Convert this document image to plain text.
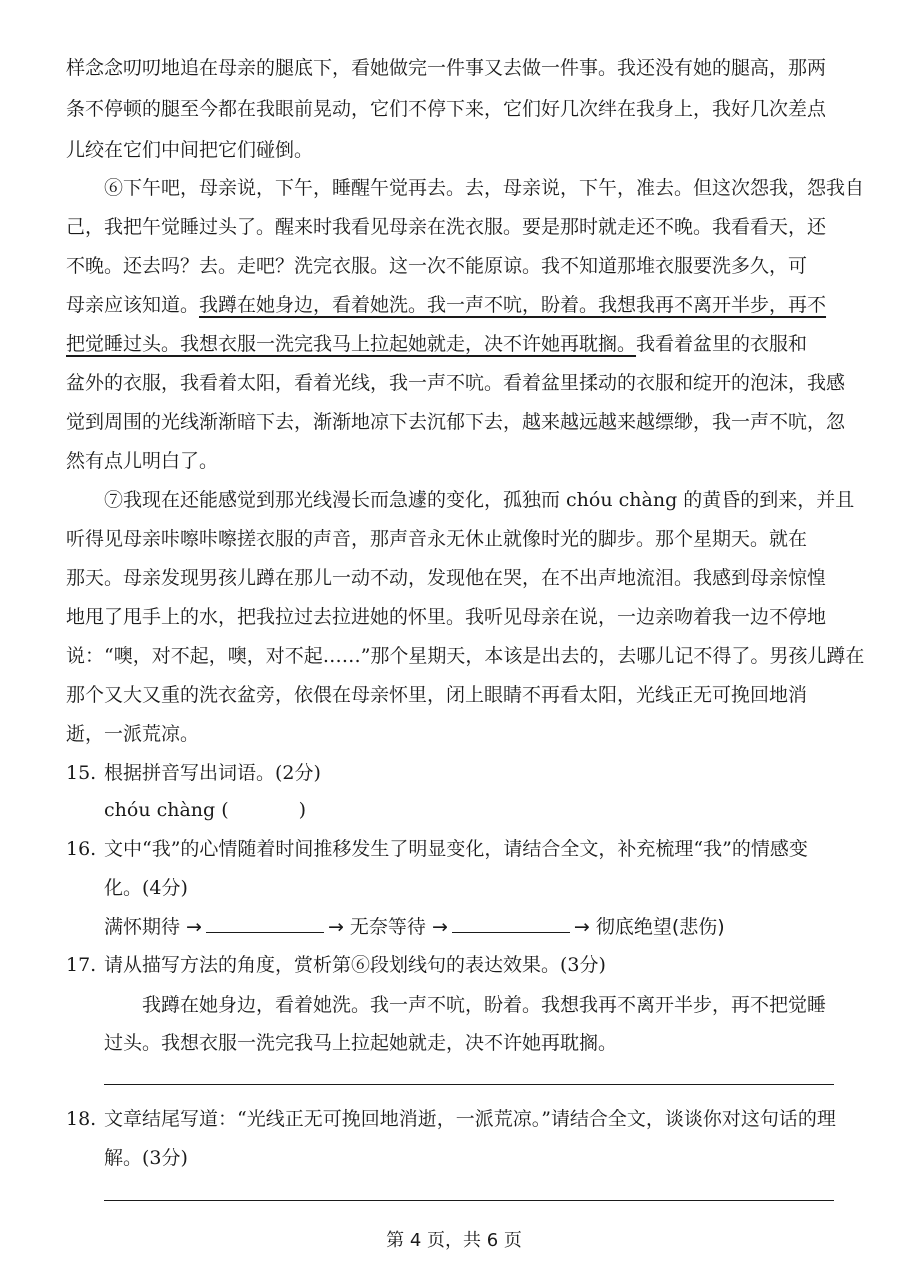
样念念叨叨地追在母亲的腿底下，看她做完一件事又去做一件事。我还没有她的腿高，那两
条不停顿的腿至今都在我眼前晃动，它们不停下来，它们好几次绊在我身上，我好几次差点
儿绞在它们中间把它们碰倒。
⑥下午吧，母亲说，下午，睡醒午觉再去。去，母亲说，下午，准去。但这次怨我，怨我自
己，我把午觉睡过头了。醒来时我看见母亲在洗衣服。要是那时就走还不晚。我看看天，还
不晚。还去吗？去。走吧？洗完衣服。这一次不能原谅。我不知道那堆衣服要洗多久，可
母亲应该知道。我蹲在她身边，看着她洗。我一声不吭，盼着。我想我再不离开半步，再不
把觉睡过头。我想衣服一洗完我马上拉起她就走，决不许她再耽搁。我看着盆里的衣服和
盆外的衣服，我看着太阳，看着光线，我一声不吭。看着盆里揉动的衣服和绽开的泡沫，我感
觉到周围的光线渐渐暗下去，渐渐地凉下去沉郁下去，越来越远越来越缥缈，我一声不吭，忽
然有点儿明白了。
⑦我现在还能感觉到那光线漫长而急遽的变化，孤独而 chóu chàng 的黄昏的到来，并且
听得见母亲咔嚓咔嚓搓衣服的声音，那声音永无休止就像时光的脚步。那个星期天。就在
那天。母亲发现男孩儿蹲在那儿一动不动，发现他在哭，在不出声地流泪。我感到母亲惊惶
地甩了甩手上的水，把我拉过去拉进她的怀里。我听见母亲在说，一边亲吻着我一边不停地
说：“噢，对不起，噢，对不起……”那个星期天，本该是出去的，去哪儿记不得了。男孩儿蹲在
那个又大又重的洗衣盆旁，依偎在母亲怀里，闭上眼睛不再看太阳，光线正无可挽回地消
逝，一派荒凉。
15. 根据拼音写出词语。(2分)
chóu chàng (	)
16. 文中“我”的心情随着时间推移发生了明显变化，请结合全文，补充梳理“我”的情感变
化。(4分)
满怀期待 →	→ 无奈等待 →	→ 彻底绝望(悲伤)
17. 请从描写方法的角度，赏析第⑥段划线句的表达效果。(3分)
我蹲在她身边，看着她洗。我一声不吭，盼着。我想我再不离开半步，再不把觉睡
过头。我想衣服一洗完我马上拉起她就走，决不许她再耽搁。
18. 文章结尾写道：“光线正无可挽回地消逝，一派荒凉。”请结合全文，谈谈你对这句话的理
解。(3分)
第 4 页，共 6 页
